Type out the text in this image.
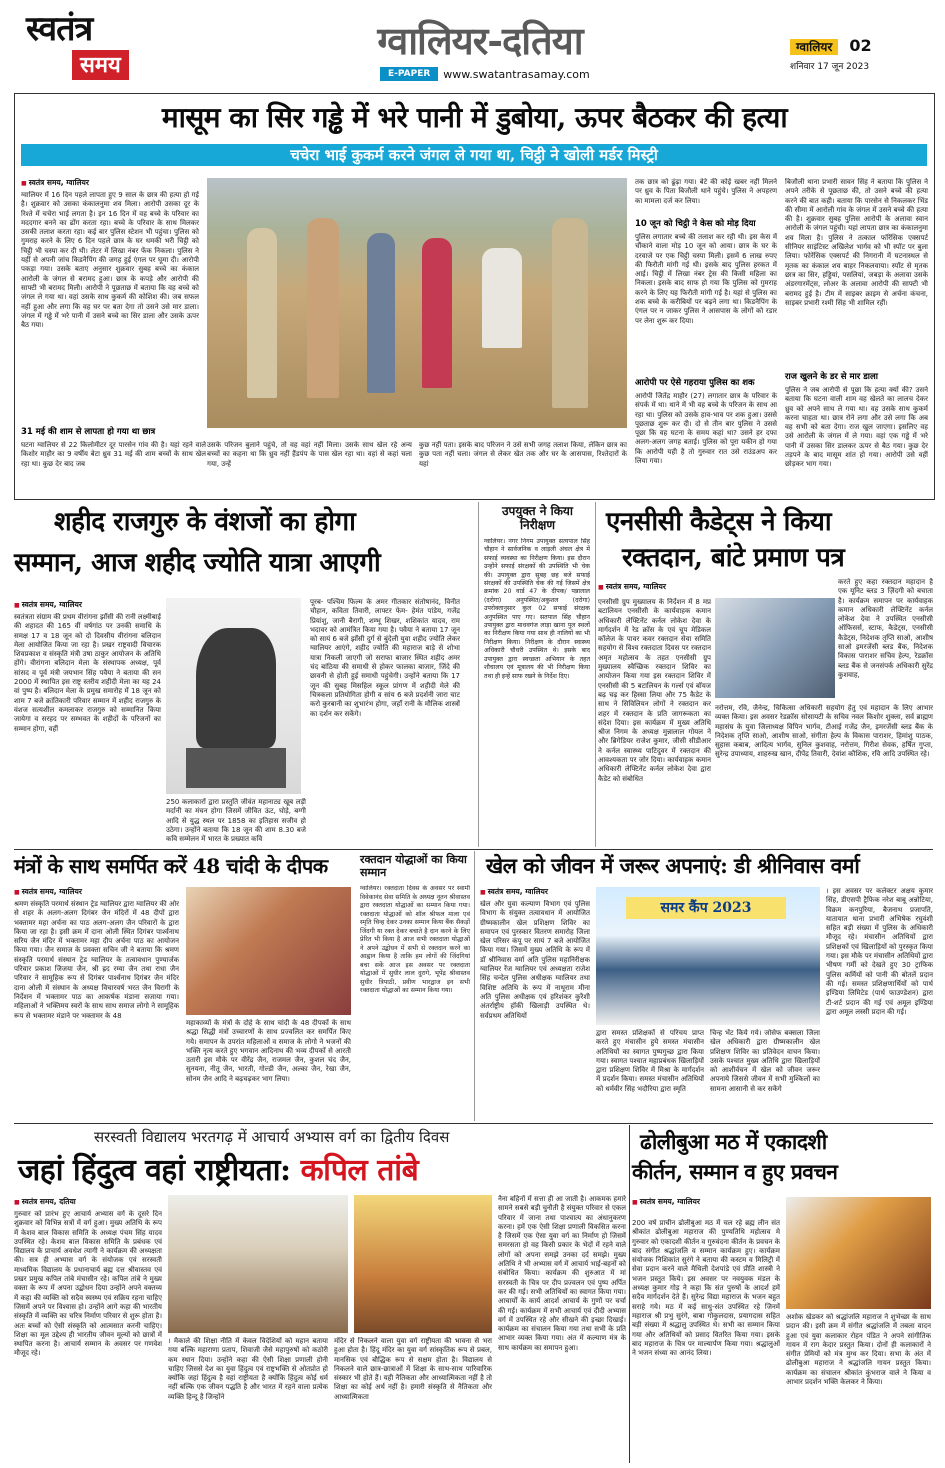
स्वतंत्र
समय
ग्वालियर-दतिया
E-PAPER	www.swatantrasamay.com
ग्वालियर 02
शनिवार 17 जून 2023
मासूम का सिर गड्ढे में भरे पानी में डुबोया, ऊपर बैठकर की हत्या
चचेरा भाई कुकर्म करने जंगल ले गया था, चिट्ठी ने खोली मर्डर मिस्ट्री
■ स्वतंत्र समय, ग्वालियर
ग्वालियर में 16 दिन पहले लापता हुए 9 साल के छात्र की हत्या हो गई है। शुक्रवार को उसका कंकालनुमा शव मिला। आरोपी उसका दूर के रिश्ते में चचेरा भाई लगता है। इन 16 दिन में वह बच्चे के परिवार का मददगार बनने का ढोंग करता रहा। बच्चे के परिवार के साथ मिलकर उसकी तलाश करता रहा। कई बार पुलिस स्टेशन भी पहुंचा। पुलिस को गुमराह करने के लिए 6 दिन पहले छात्र के घर धमकी भरी चिट्ठी को चिट्ठी भी चस्पा कर दी थी। लेटर में लिखा नंबर फेंक निकला। पुलिस ने यहीं से अपनी जांच किडनैपिंग की जगह हुई एंगल पर घूमा दी। आरोपी पकड़ा गया। उसके बताए अनुसार शुक्रवार सुबह बच्चे का कंकाल आरोली के जंगल से बरामद हुआ। छात्र के कपड़े और आरोपी की साफ्टी भी बरामद मिली। आरोपी ने पूछताछ में बताया कि वह बच्चे को जंगल ले गया था। वहां उसके साथ कुकर्म की कोशिश की। जब सफल नहीं हुआ और लगा कि वह घर पर बता देगा तो उसने उसे मार डाला। जंगल में गड्ढे में भरे पानी में उसने बच्चे का सिर डाला और उसके ऊपर बैठ गया।
31 मई की शाम से लापता हो गया था छात्र
घटना ग्वालियर से 22 किलोमीटर दूर पारसेन गांव की है। यहां रहने वाले किशोर माहौर का 9 वर्षीय बेटा ध्रुव 31 मई की शाम बच्चों के साथ खेल रहा था। कुछ देर बाद जब
उसके परिजन बुलाने पहुंचे, तो वह वहां नहीं मिला। उसके साथ खेल रहे अन्य बच्चों का कहना था कि ध्रुव नहीं हैंडपंप के पास खेल रहा था। वहां से कहां चला गया, उन्हें
कुछ नहीं पता। इसके बाद परिजन ने उसे सभी जगह तलाश किया, लेकिन छात्र का कुछ पता नहीं चला। जंगल से लेकर खेत तक और घर के आसपास, रिश्तेदारों के यहां
तक छात्र को ढूंढ़ा गया। बेटे की कोई खबर नहीं मिलने पर ध्रुव के पिता बिजौली थाने पहुंचे। पुलिस ने अपहरण का मामला दर्ज कर लिया।
10 जून को चिट्ठी ने केस को मोड़ दिया
पुलिस लगातार बच्चे की तलाश कर रही थी। इस केस में चौंकाने वाला मोड़ 10 जून को आया। छात्र के घर के दरवाजे पर एक चिट्ठी चस्पा मिली। इसमें 6 लाख रुपए की फिरौती मांगी गई थी। इसके बाद पुलिस हरकत में आई। चिट्ठी में लिखा नंबर ट्रेस की किसी महिला का निकला। इसके बाद साफ हो गया कि पुलिस को गुमराह करने के लिए यह फिरौती मांगी गई है। यहां से पुलिस का शक बच्चे के करीबियों पर बढ़ने लगा था। किडनैपिंग के एंगल पर न जाकर पुलिस ने आसपास के लोगों को रडार पर लेना शुरू कर दिया।
आरोपी पर ऐसे गहराया पुलिस का शक
आरोपी जितेंद्र माहौर (27) लगातार छात्र के परिवार के संपर्क में था। थाने में भी वह बच्चे के परिजन के साथ आ रहा था। पुलिस को उसके हाव-भाव पर शक हुआ। उससे पूछताछ शुरू कर दी। दो से तीन बार पुलिस ने उससे पूछा कि वह घटना के समय कहां था? उसने हर दफा अलग-अलग जगह बताई। पुलिस को पूरा यकीन हो गया कि आरोपी यही है तो गुरुवार रात उसे राउंडअप कर लिया गया।
बिजौली थाना प्रभारी सावन सिंह ने बताया कि पुलिस ने अपने तरीके से पूछताछ की, तो उसने बच्चे की हत्या करने की बात कही। बताया कि पारसेन से निकलकर भिंड की सीमा में आरोली गांव के जंगल में उसने बच्चे की हत्या की है। शुक्रवार सुबह पुलिस आरोपी के अलावा स्वान आरोली के जंगल पहुंची। यहां लापता छात्र का कंकालनुमा शव मिला है। पुलिस ने तत्काल फॉरेंसिक एक्सपर्ट सीनियर साइंटिस्ट अखिलेश भार्गव को भी स्पॉट पर बुला लिया। फोरेंसिक एक्सपर्ट की निगरानी में घटनास्थल से मृतक का कंकाल शव बाहर निकलवाया। स्पॉट से मृतक छात्र का सिर, हड्डियां, पसलियां, जबड़ा के अलावा उसके अंडरगारमेंट्स, लोअर के अलावा आरोपी की साफ्टी भी बरामद हुई है। टीम में साइबर क्राइम से अर्चना कंचना, साइबर प्रभारी रश्मी सिंह भी शामिल रहीं।
राज खुलने के डर से मार डाला
पुलिस ने जब आरोपी से पूछा कि हत्या क्यों की? उसने बताया कि घटना वाली शाम वह खेलते का लालच देकर ध्रुव को अपने साथ ले गया था। वह उसके साथ कुकर्म करना चाहता था। छात्र रोने लगा और उसे लगा कि अब वह सभी को बता देगा। राज खुल जाएगा। इसलिए वह उसे आरोली के जंगल में ले गया। वहां एक गड्ढे में भरे पानी में उसका सिर डालकर ऊपर से बैठ गया। कुछ देर तड़पने के बाद मासूम शांत हो गया। आरोपी उसे वहीं छोड़कर भाग गया।
शहीद राजगुरु के वंशजों का होगा
सम्मान, आज शहीद ज्योति यात्रा आएगी
■ स्वतंत्र समय, ग्वालियर
स्वतंत्रता संग्राम की प्रथम वीरांगना झाँसी की रानी लक्ष्मीबाई की शहादत की 165 वीं वर्षगांठ पर उनकी समाधि के समक्ष 17 व 18 जून को दो दिवसीय वीरांगना बलिदान मेला आयोजित किया जा रहा है। प्रखर राष्ट्रवादी विचारक शिवप्रकाश व संस्कृति मंत्री उषा ठाकुर आयोजन के अतिथि होंगे। वीरांगना बलिदान मेला के संस्थापक अध्यक्ष, पूर्व सांसद व पूर्व मंत्री जयभान सिंह पवैया ने बताया की सन 2000 में स्थापित इस राष्ट्र स्तरीय शहीदी मेला का यह 24 वां पुष्प है। बलिदान मेला के प्रमुख समारोह में 18 जून को शाम 7 बजे क्रांतिकारी परिवार सम्मान में शहीद राजगुरु के वंशज सत्यशील कमलाकर राजगुरु को सम्मानित किया जायेगा व सरहद पर सम्भवत के शहीदों के परिजनों का सम्मान होगा, वहीं
250 कलाकारों द्वारा प्रस्तुति जीवंत महानाट्य खूब लड़ी मर्दानी का मंचन होगा जिसमें जीवित ऊंट, घोड़े, बग्गी आदि से युद्ध स्थल पर 1858 का इतिहास सजीव हो उठेगा। उन्होंने बताया कि 18 जून की शाम 8.30 बजे कवि सम्मेलन में भारत के प्रख्यात कवि
पूरब- पश्चिम फिल्म के अमर गीतकार संतोषानंद, विनीत चौहान, कविता तिवारी, लाफ्टर फेम- हेमंत पांडेय, गजेंद्र प्रियांशु, जानी बैरागी, शम्भू शिखर, शशिकांत यादव, राम भदावर को आमंत्रित किया गया है। पवैया ने बताया 17 जून को सायं 6 बजे झाँसी दुर्ग से बुंदेली युवा शहीद ज्योति लेकर ग्वालियर आएंगे, शहीद ज्योति की महाराज बाड़े से शोभा यात्रा निकली जाएगी जो सराफा बाजार स्थित शहीद अमर चंद बांठिया की समाधी से होकर फालका बाजार, जिंदे की छावनी से होती हुई समाधी पहुंचेगी। उन्होंने बताया कि 17 जून की सुबह मिसहिल स्कूल प्रांगण में शहीदी मेले की चित्रकला प्रतियोगिता होगी व सांय 6 बजे प्रदर्शनी जारा चाट करो कुरबानी का शुभारंभ होगा, जहाँ रानी के मौलिक शास्त्रों का दर्शन कर सकेंगे।
उपयुक्त ने किया निरीक्षण
ग्वालियर। नगर निगम उपायुक्त सत्यपाल सिंह चौहान ने सार्वजनिक व लाड़ली अंचल क्षेत्र में सफाई व्यवस्था का निरीक्षण किया। इस दौरान उन्होंने सफाई संरक्षकों की उपस्थिति भी चेक की। उपायुक्त द्वारा सुबह छह बजे सफाई संरक्षकों की उपस्थिति चेक की गई जिसमें क्षेत्र क्रमांक 20 वार्ड 47 के दीपक/ पन्नालाल (दरोगा) अनुपस्थित/अकुशल (दरोगा) उपरोक्तानुसार कुल 02 सफाई संरक्षक अनुपस्थित पाए गए। सतपाल सिंह चौहान उपायुक्त द्वारा माधवगंज लाड़ा खाना पुल स्थलों का निरीक्षण किया गया साथ ही नालियों का भी निरीक्षण किया। निरीक्षण के दौरान स्वास्थ्य अधिकारी चौधरी उपस्थित थे। इसके बाद उपायुक्त द्वारा स्वच्छता अभियान के तहत शौचालय एवं मूत्रालय की भी निरीक्षण किया तथा ही इन्हें साफ रखने के निर्देश दिए।
एनसीसी कैडेट्स ने किया
रक्तदान, बांटे प्रमाण पत्र
■ स्वतंत्र समय, ग्वालियर
एनसीसी ग्रुप मुख्यालय के निर्देशन में 8 मप्र बटालियन एनसीसी के कार्यवाहक कमान अधिकारी लेफ्टिनेंट कर्नल लोकेश देवा के मार्गदर्शन में रेड क्रॉस के एवं चूप मेडिकल कॉलेज के पावर कवर रक्तदान सेवा समिति सहयोग से विश्व रक्तदाता दिवस पर रक्तदान अमृत महोत्सव के तहत एनसीसी ग्रुप मुख्यालय स्वैच्छिक रक्तदान शिविर का आयोजन किया गया इस रक्तदान शिविर में एनसीसी की 5 बटालियन के गर्ल्स एवं बॉयज बढ़ चढ़ कर हिस्सा लिया और 75 कैडेट के साथ ने सिविलियन लोगों ने रक्तदान कर शहर में रक्तदान के प्रति जागरूकता का संदेश दिया। इस कार्यक्रम में मुख्य अतिथि श्रीज निगम के अध्यक्ष मुन्नालाल गोयल ने और ब्रिगेडियर राजेश कुमार, जीसी सीडीआर ने कर्नल स्वास्थ्य पाटिदुवर में रक्तदान की आवश्यकता पर जोर दिया। कार्यवाहक कमान अधिकारी लेफ्टिनेंट कर्नल लोकेश देवा द्वारा कैडेट को संबोधित
करते हुए कहा रक्तदान महादान है एक यूनिट ब्लड 3 ज़िंदगी को बचाता है। कार्यक्रम समापन पर कार्यवाहक कमान अधिकारी लेफ्टिनेंट कर्नल लोकेश देवा ने उपस्थित एनसीसी ऑफिसर्स, स्टाफ, कैडेट्स, एनसीसी कैडेट्स, निदेशक तृप्ति साओ, आशीष साओ इमरजेंसी ब्लड बैंक, निदेशक विकास पाराशर सचिव हेल्प, रेडक्रॉस ब्लड बैंक से जनसंपर्क अधिकारी सुरेंद्र कुशवाह,
नरोत्तम, रवि, जैनेन्द्र, चिकित्सा अधिकारी सहयोग हेतु एवं महादान के लिए आभार व्यक्त किया। इस अवसर रेडक्रॉस सोसायटी के सचिव नवल किशोर शुक्ला, सर्व ब्राह्मण महासंघ के युवा जिलाध्यक्ष विपिन भार्गव, टीआई गजेंद्र जैन, इमरजेंसी ब्लड बैंक के निदेशक तृप्ति साओ, आशीष साओ, संगीता हेल्प के विकास पाराशर, हिमांशु पाठक, सुहास कबाब, आदित्य भार्गव, सुनिल कुशवाह, नरोत्तम, गिरीश सेवक, हर्षित गुप्ता, सुरेन्द्र उपाध्याय, शाहरुख खान, दीपेंद्र तिवारी, देवांश कौशिक, रवि आदि उपस्थित रहे।
मंत्रों के साथ समर्पित करें 48 चांदी के दीपक
■ स्वतंत्र समय, ग्वालियर
श्रमण संस्कृति परमार्थ संस्थान ट्रेड ग्वालियर द्वारा ग्वालियर की ओर से शहर के अलग-अलग दिगंबर जैन मंदिरों में 48 दीपों द्वारा भक्तामर महा अर्चना का पाठ अलग-अलग जैन परिवारों के द्वारा किया जा रहा है। इसी क्रम में दाना ओली स्थित दिगंबर पार्श्वनाथ सरिय जैन मंदिर में भक्तामर महा दीप अर्चना पाठ का आयोजन किया गया। जैन समाज के प्रवक्ता सचिन जी ने बताया कि श्रमण संस्कृति परमार्थ संस्थान ट्रेड ग्वालियर के तत्वावधान पुण्यार्जक परिवार प्रकाश जिजया जैन, श्री ह्रद रम्या जैन तथा राधा जैन परिवार ने सामूहिक रूप से दिगंबर पार्श्वनाथ दिगंबर जैन मंदिर दाना ओली में संस्थान के अध्यक्ष विचारवर्ष भरत जैन विरागी के निर्देशन में भक्तामर पाठ का आकर्षक मंडाना सजाया गया। महिलाओं ने भक्तिमय स्वरों के साथ साथ समाज लोगो ने सामूहिक रूप से भक्तामर मंडाने पर भक्तामर के 48
महाकाव्यों के मंत्रों के दोहे के साथ चांदी के 48 दीपकों के साथ श्रद्धा सिद्धी मंत्रों उच्चारणों के साथ प्रज्वलित कर समर्पित किए गये। समापन के उपरांत महिलाओं व समाज के लोगो ने भजनों की भक्ति नृत्य करते हुए भगवान आदिनाथ की भव्य दीपकों से आरती उतारी इस मौके पर वीरेंद्र जैन, राजमल जैन, कुशल चंद जैन, सुनयना, नीतू जैन, भारती, गोल्डी जैन, अल्का जैन, रेखा जैन, सोनम जैन आदि ने बढ़चढ़कर भाग लिया।
रक्तदान योद्धाओं का किया सम्मान
ग्वालियर। रक्तदाता दिवस के अवसर पर स्वामी विवेकानंद सेवा समिति के अध्यक्ष नूतन श्रीवास्तव द्वारा रक्तदाता योद्धाओं का सम्मान किया गया। रक्तदाता योद्धाओं को शॉल श्रीफल माला एवं स्मृति चिन्ह देकर उनका सम्मान किया बैंक सैकड़ों जिंदगी या रक्त देकर बचाते है दान करने के लिए प्रेरित भी किया है आज सभी रक्तदाता योद्धाओं ने अपने उद्बोधन में सभी से रक्तदान करने का आह्वान किया है ताकि हम लोगों की जिंदगियां बचा सकें आज इस अवसर पर रक्तदाता योद्धाओं में सुधीर लाल दुरागे, भूपेंद्र श्रीवास्तव सुधीर त्रिपाठी, प्रवीण भारद्वाज इन सभी रक्तदाता योद्धाओं का सम्मान किया गया।
खेल को जीवन में जरूर अपनाएं: डी श्रीनिवास वर्मा
■ स्वतंत्र समय, ग्वालियर
खेल और युवा कल्याण विभाग एवं पुलिस विभाग के संयुक्त तत्वावधान में आयोजित ग्रीष्मकालीन खेल प्रशिक्षण शिविर का समापन एवं पुरस्कार वितरण समारोह जिला खेल परिसर कंपू पर सायं 7 बजे आयोजित किया गया। जिसमें मुख्य अतिथि के रूप में डॉ श्रीनिवास वर्मा अति पुलिस महानिरीक्षक ग्वालियर रेंज ग्वालियर एवं अध्यक्षता राजेश सिंह चन्देल पुलिस अधीक्षक ग्वालियर तथा विशिष्ट अतिथि के रूप में नाथूराम मीना अति पुलिस अधीक्षक एवं हरिशंकर कुरैशी अंतर्राष्ट्रीय हॉकी खिलाड़ी उपस्थित थे। सर्वप्रथम अतिथियों
समर कैंप 2023
द्वारा समस्त प्रशिक्षकों से परिचय प्राप्त करते हुए मंचासीन हुये समस्त मंचासीन अतिथियों का स्वागत पुष्पगुच्छ द्वारा किया गया। स्वागत पश्चात महाप्रबंधक खिलाड़ियों द्वारा प्रशिक्षण शिविर में मिश्रा के मार्गदर्शन में प्रदर्शन किया। समस्त मंचासीन अतिथियों को धर्मवीर सिंह भदौरिया द्वारा स्मृति
चिन्ह भेंट किये गये। जोसेफ बक्सला जिला खेल अधिकारी द्वारा ग्रीष्मकालीन खेल प्रशिक्षण शिविर का प्रतिवेदन वाचन किया। उसके पश्चात मुख्य अतिथि द्वारा खिलाड़ियों को आशीर्वचन में खेल को जीवन जरूर अपनाये जिससे जीवन में सभी मुश्किलों का सामना आसानी से कर सकेंगे
। इस अवसर पर कलेक्टर अक्षय कुमार सिंह, डीएसपी ट्रैफिक नरेश बाबू अन्नोटिया, विक्रम कनपुरिया, बैजनाथ प्रजापति, यातायात थाना प्रभारी अभिषेक रघुवंशी सहित बड़ी संख्या में पुलिस के अधिकारी मौजूद रहे। मंचासीन अतिथियों द्वारा प्रशिक्षकों एवं खिलाड़ियों को पुरस्कृत किया गया। इस मौके पर मंचासीन अतिथियों द्वारा भीषण गर्मी को देखते हुए 30 ट्राफिक पुलिस कर्मियों को पानी की बोतलें प्रदान की गई। समस्त प्रशिक्षणार्थियों को पार्थ इण्डिया लिमिटेड (पार्थ फाउण्डेशन) द्वारा टी-शर्ट प्रदान की गई एवं अमूल इण्डिया द्वारा अमूल लस्सी प्रदान की गई।
सरस्वती विद्यालय भरतगढ़ में आचार्य अभ्यास वर्ग का द्वितीय दिवस
जहां हिंदुत्व वहां राष्ट्रीयता: कपिल तांबे
■ स्वतंत्र समय, दतिया
गुरुवार को प्रारंभ हुए आचार्य अभ्यास वर्ग के दूसरे दिन शुक्रवार को विभिन्न सत्रों में वर्ग हुआ। मुख्य अतिथि के रूप में केशव बाल विकास समिति के अध्यक्ष पंचम सिंह यादव उपस्थित रहे। केशव बाल विकास समिति के प्रबंधक एवं विद्यालय के प्राचार्य अवधेश त्यागी ने कार्यक्रम की अध्यक्षता की। सत्र ही अभ्यास वर्ग के संयोजक एवं सरस्वती माध्यमिक विद्यालय के प्रधानाचार्य ब्रह्म दत्त श्रीवास्तव एवं प्रखर प्रमुख कपिल तांबे मंचासीन रहे। कपिल तांबे ने मुख्य वक्ता के रूप में अपना उद्बोधन दिया उन्होंने अपने वक्तव्य में कहा की व्यक्ति को सदैव स्वस्थ्य एवं सक्रिय रहना चाहिए जिसमें अपने पर विश्वास हो। उन्होंने आगे कहा की भारतीय संस्कृति में व्यक्ति का चरित्र निर्माण परिवार से शुरू होता है। अतः बच्चों को ऐसी संस्कृति को आत्मसात करनी चाहिए। शिक्षा का मूल उद्देश्य ही भारतीय जीवन मूल्यों को छात्रों में स्थापित करना है। आचार्य सम्मान के अवसर पर गणवेश मौजूद रहे।
। मैकाले की शिक्षा नीति में केवल विदेशियों को महान बताया गया बल्कि महाराणा प्रताप, शिवाजी जैसे महापुरुषों को कठोरी कम स्थान दिया। उन्होंने कहा की ऐसी शिक्षा प्रणाली होनी चाहिए जिससे देश का युवा हिंदुत्व एवं राष्ट्रभक्ति से ओतप्रोत हो क्योंकि जहां हिंदुत्व है वहां राष्ट्रीयता है क्योंकि हिंदुत्व कोई धर्म नहीं बल्कि एक जीवन पद्धति है और भारत में रहने वाला प्रत्येक व्यक्ति हिन्दू है जिन्होंने
मंदिर से निकलने वाला युवा वर्ग राष्ट्रीयता की भावना से भरा हुआ होता है। हिंदू मंदिर का युवा वर्ग सांस्कृतिक रूप से प्रबल, मानसिक एवं बौद्धिक रूप से सक्षम होता है। विद्यालय से निकलने वाले छात्र-छात्राओं में शिक्षा के साथ-साथ पारिवारिक संस्कार भी होते हैं। यही नैतिकता और आध्यात्मिकता नहीं है तो शिक्षा का कोई अर्थ नहीं है। हमारी संस्कृति से नैतिकता और आध्यात्मिकता
नैना बहिनों में सत्ता ही आ जाती है। आकमक हमारे सामने सबसे बड़ी चुनौती है संयुक्त परिवार से एकल परिवार में जाना तथा पाश्चात्य का अंधानुकरण करना। हमें एक ऐसी शिक्षा प्रणाली विकसित करना है जिसमें एक ऐसा युवा वर्ग का निर्माण हो जिसमें समरसता हो वह किसी प्रकार के भेदों में रहने वाले लोगों को अपना समझे उनका दर्द समझे। मुख्य अतिथि ने भी अभ्यास वर्ग में आचार्य भाई-बहनों को संबोधित किया। कार्यक्रम की शुरुआत में मां सरस्वती के चित्र पर दीप प्रज्वलन एवं पुष्प अर्पित कर की गई। सभी अतिथियों का स्वागत किया गया। आचार्यों के कार्य आदर्श आचार्य के गुणों पर चर्चा की गई। कार्यक्रम में सभी आचार्य एवं दीदी अभ्यास वर्ग में उपस्थित रहे और सीखने की इच्छा दिखाई। कार्यक्रम का संचालन किया गया तथा सभी के प्रति आभार व्यक्त किया गया। अंत में कल्याण मंत्र के साथ कार्यक्रम का समापन हुआ।
ढोलीबुआ मठ में एकादशी
कीर्तन, सम्मान व हुए प्रवचन
■ स्वतंत्र समय, ग्वालियर
200 वर्ष प्राचीन ढोलीबुआ मठ में चल रहे ब्रह्म लीन संत श्रीकांत ढोलीबुआ महाराज की पुण्यतिथि महोत्सव मे गुरुवार को एकादशी कीर्तन व गुरुवंदना कीर्तन के प्रवचन के बाद संगीत श्रद्धांजलि व सम्मान कार्यक्रम हुए। कार्यक्रम संयोजक निशिकांत सुरंगे ने बताया की कस्टम व मिलिट्री में सेवा प्रदान करने वाले मैथिली देशपांडे एवं प्रीति शास्त्री ने भजन प्रस्तुत किये। इस अवसर पर नवयुवक मंडल के अध्यक्ष कुमार गोड़ ने कहा कि संत पुरुषों के आदर्श हमें सदैव मार्गदर्शन देते हैं। सुरेन्द्र विद्या महाराज के भजन बहुत सराहे गये। मठ में कई साधु-संत उपस्थित रहे जिनमें महाराज श्री प्रभु सुरंगे, बाबा गोकुलदास, प्रयागदास सहित बड़ी संख्या में श्रद्धालु उपस्थित थे। सभी का सम्मान किया गया और अतिथियों को प्रसाद वितरित किया गया। इसके बाद महाराज के चित्र पर माल्यार्पण किया गया। श्रद्धालुओं ने भजन संध्या का आनंद लिया।
अशोक खेडकर को श्रद्धांजलि महाराज ने शुभेच्छा के साथ प्रदान की। इसी क्रम में संगीत श्रद्धांजलि में तबला वादन हुआ एवं युवा कलाकार रोहन पंडित ने अपने सांगीतिक गायन में राग केदार प्रस्तुत किया। दोनों ही कलाकारों ने संगीत प्रेमियों को मंत्र मुग्ध कर दिया। सभा के अंत में ढोलीबुआ महाराज ने श्रद्धांजलि गायन प्रस्तुत किया। कार्यक्रम का संचालन श्रीकांत कुंभराज वाले ने किया व आभार प्रदर्शन भक्ति केलकर ने किया।
